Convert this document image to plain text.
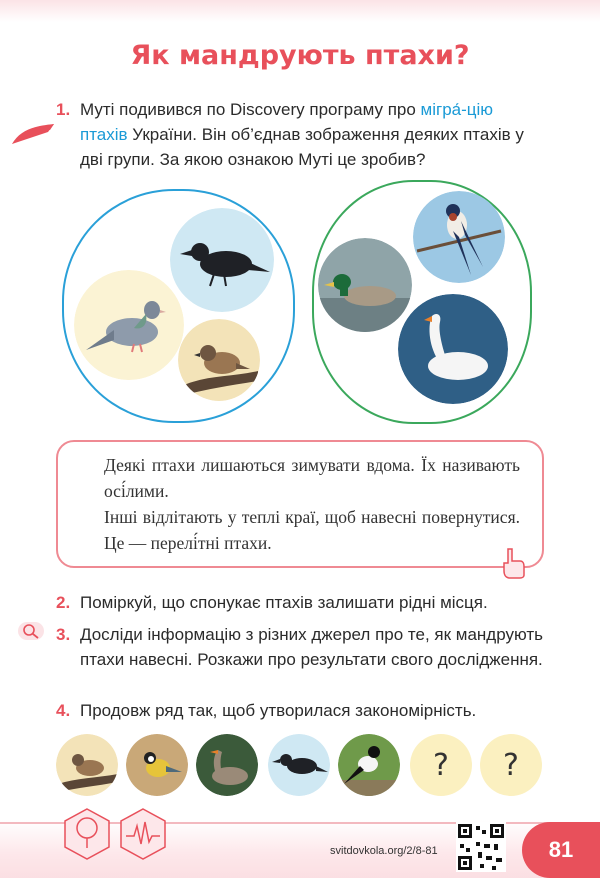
Як мандрують птахи?
1. Муті подивився по Discovery програму про мігра́-цію птахів України. Він об’єднав зображення деяких птахів у дві групи. За якою ознакою Муті це зробив?

Деякі птахи лишаються зимувати вдома. Їх називають осі́лими.

Інші відлітають у теплі краї, щоб навесні повернутися. Це — перелі́тні птахи.

2. Поміркуй, що спонукає птахів залишати рідні місця.
3. Досліди інформацію з різних джерел про те, як мандрують птахи навесні. Розкажи про результати свого дослідження.
4. Продовж ряд так, щоб утворилася закономірність.
?	?
svitdovkola.org/2/8-81	81
